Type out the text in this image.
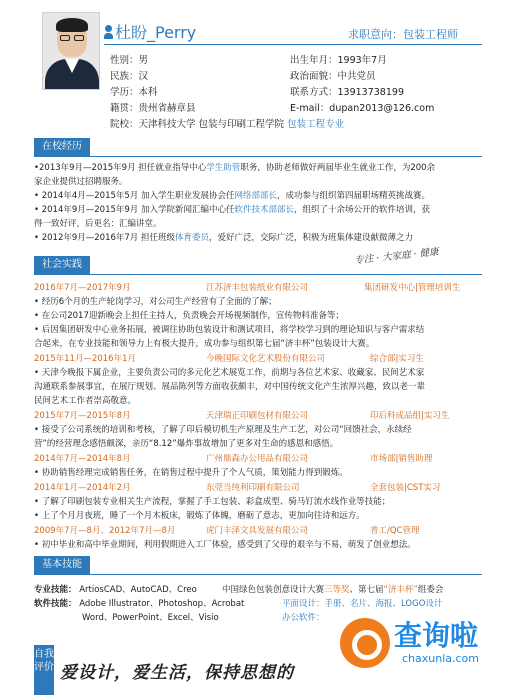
杜盼_Perry	求职意向：包装工程师
性别：男	出生年月：1993年7月
民族：汉	政治面貌：中共党员
学历：本科	联系方式：13913738199
籍贯：贵州省赫章县	E-mail：dupan2013@126.com
院校：天津科技大学 包装与印刷工程学院 包装工程专业
在校经历
•2013年9月—2015年9月 担任就业指导中心学生助管职务，协助老师做好两届毕业生就业工作，为200余
家企业提供过招聘服务。
• 2014年4月—2015年5月 加入学生职业发展协会任网络部部长，成功参与组织第四届职场精英挑战赛。
• 2014年9月—2015年9月 加入学院新闻汇编中心任软件技术部部长，组织了十余场公开的软件培训，获
得一致好评，后更名：汇编讲堂。
• 2012年9月—2016年7月 担任班级体育委员，爱好广泛，交际广泛，积极为班集体建设献微薄之力
专注 · 大家庭 · 健康
社会实践
2016年7月—2017年9月	江苏济丰包装纸业有限公司	集团研发中心|管理培训生
• 经历6个月的生产轮岗学习，对公司生产经营有了全面的了解；
• 在公司2017迎新晚会上担任主持人，负责晚会开场视频制作，宣传物料准备等；
• 后因集团研发中心业务拓展，被调往协助包装设计和测试项目，将学校学习到的理论知识与客户需求结
合起来，在专业技能和领导力上有极大提升，成功参与组织第七届“济丰杯”包装设计大赛。
2015年11月—2016年1月	今晚国际文化艺术股份有限公司	综合部|实习生
• 天津今晚报下属企业，主要负责公司的多元化艺术展览工作，前期与各位艺术家、收藏家、民间艺术家
沟通联系参展事宜，在展厅规划、展品陈列等方面收获颇丰，对中国传统文化产生浓厚兴趣，致以老一辈
民间艺术工作者崇高敬意。
2015年7月—2015年8月	天津瑞正印刷包材有限公司	印后科成品组|实习生
• 接受了公司系统的培训和考核，了解了印后模切机生产原理及生产工艺，对公司“回馈社会，永续经
营”的经营理念感悟颇深，亲历“8.12”爆炸事故增加了更多对生命的感恩和感悟。
2014年7月—2014年8月	广州鼎森办公用品有限公司	市场部|销售助理
• 协助销售经理完成销售任务，在销售过程中提升了个人气质，策划能力得到锻炼。
2014年1月—2014年2月	东莞当纯利印刷有限公司	全套包装|CST实习
• 了解了印刷包装专业相关生产流程，掌握了手工包装、彩盒成型、骑马钉流水线作业等技能；
• 上了个月月夜班，睡了一个月木板床，锻炼了体魄，磨砺了意志，更加向往诗和远方。
2009年7月—8月、2012年7月—8月	虎门丰泽文具发展有限公司	普工/QC管理
• 初中毕业和高中毕业期间，利用假期进入工厂体验，感受到了父母的艰辛与不易，萌发了创业想法。
基本技能
专业技能： ArtiosCAD、AutoCAD、Creo	中国绿色包装创意设计大赛三等奖、第七届“济丰杯”组委会
软件技能： Adobe Illustrator、Photoshop、Acrobat	平面设计：手册、名片、海报、LOGO设计
Word、PowerPoint、Excel、Visio	办公软件：
自我评价 爱设计，爱生活，保持思想的
查询啦
chaxunla.com
